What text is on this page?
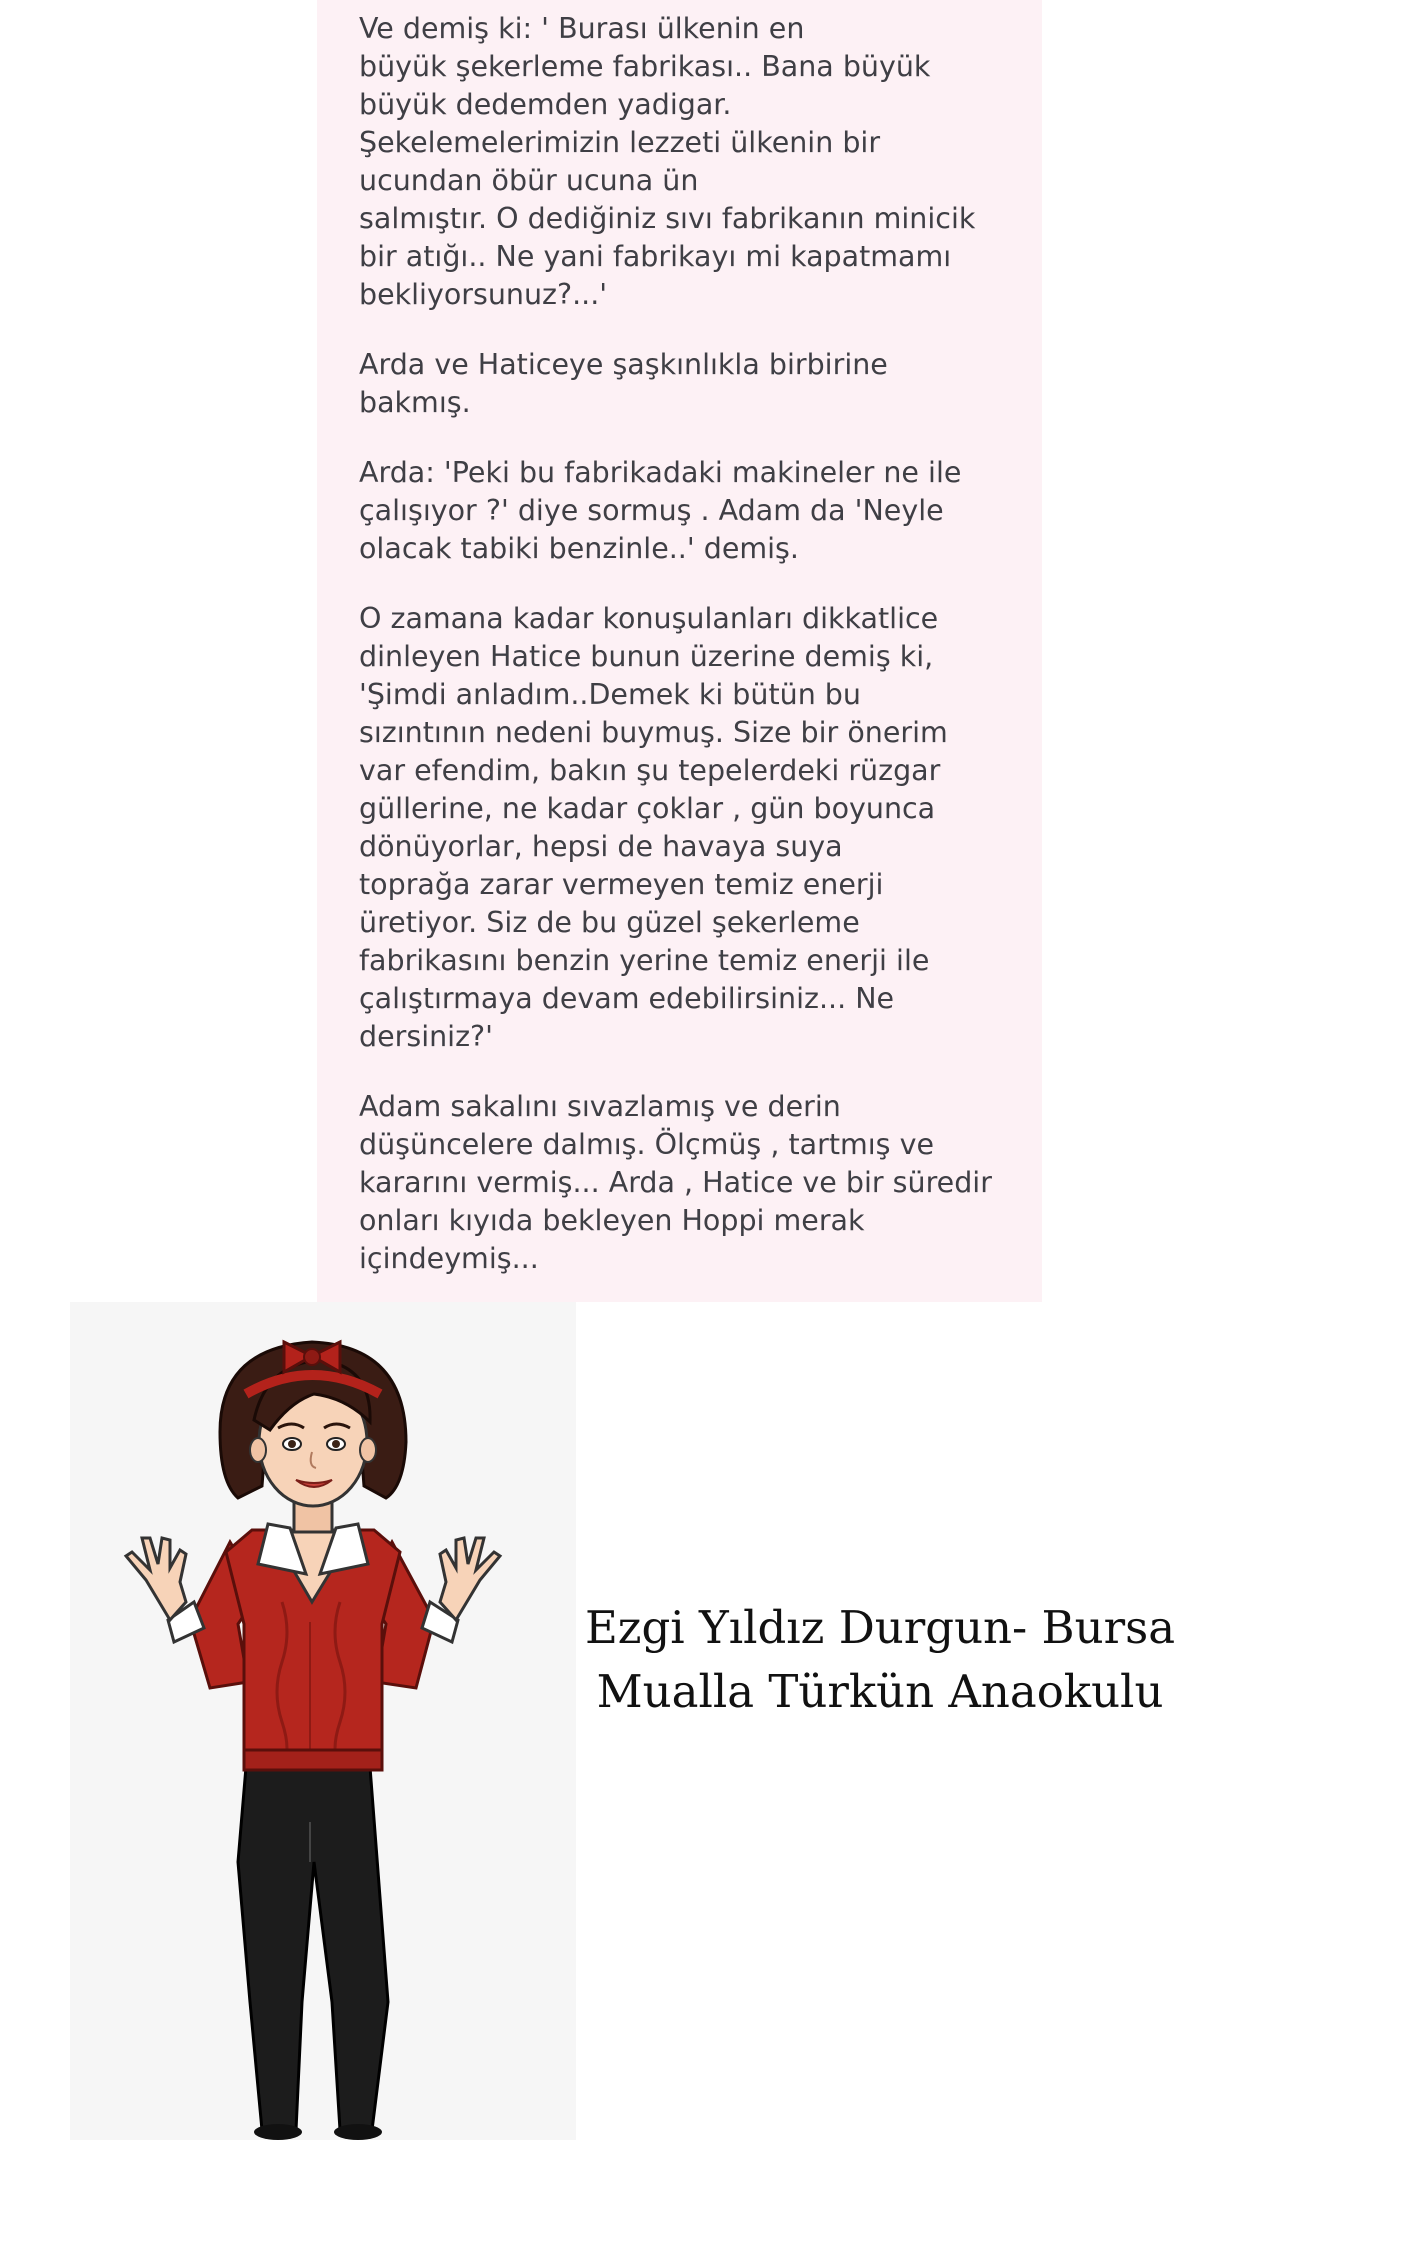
Ve demiş ki: ' Burası ülkenin en
büyük şekerleme fabrikası.. Bana büyük
büyük dedemden yadigar.
Şekelemelerimizin lezzeti ülkenin bir
ucundan öbür ucuna ün
salmıştır. O dediğiniz sıvı fabrikanın minicik
bir atığı.. Ne yani fabrikayı mi kapatmamı
bekliyorsunuz?...'

Arda ve Haticeye şaşkınlıkla birbirine
bakmış.

Arda: 'Peki bu fabrikadaki makineler ne ile
çalışıyor ?' diye sormuş . Adam da 'Neyle
olacak tabiki benzinle..' demiş.

O zamana kadar konuşulanları dikkatlice
dinleyen Hatice bunun üzerine demiş ki,
'Şimdi anladım..Demek ki bütün bu
sızıntının nedeni buymuş. Size bir önerim
var efendim, bakın şu tepelerdeki rüzgar
güllerine, ne kadar çoklar , gün boyunca
dönüyorlar, hepsi de havaya suya
toprağa zarar vermeyen temiz enerji
üretiyor. Siz de bu güzel şekerleme
fabrikasını benzin yerine temiz enerji ile
çalıştırmaya devam edebilirsiniz... Ne
dersiniz?'

Adam sakalını sıvazlamış ve derin
düşüncelere dalmış. Ölçmüş , tartmış ve
kararını vermiş... Arda , Hatice ve bir süredir
onları kıyıda bekleyen Hoppi merak
içindeymiş...

Ezgi Yıldız Durgun- Bursa
Mualla Türkün Anaokulu
